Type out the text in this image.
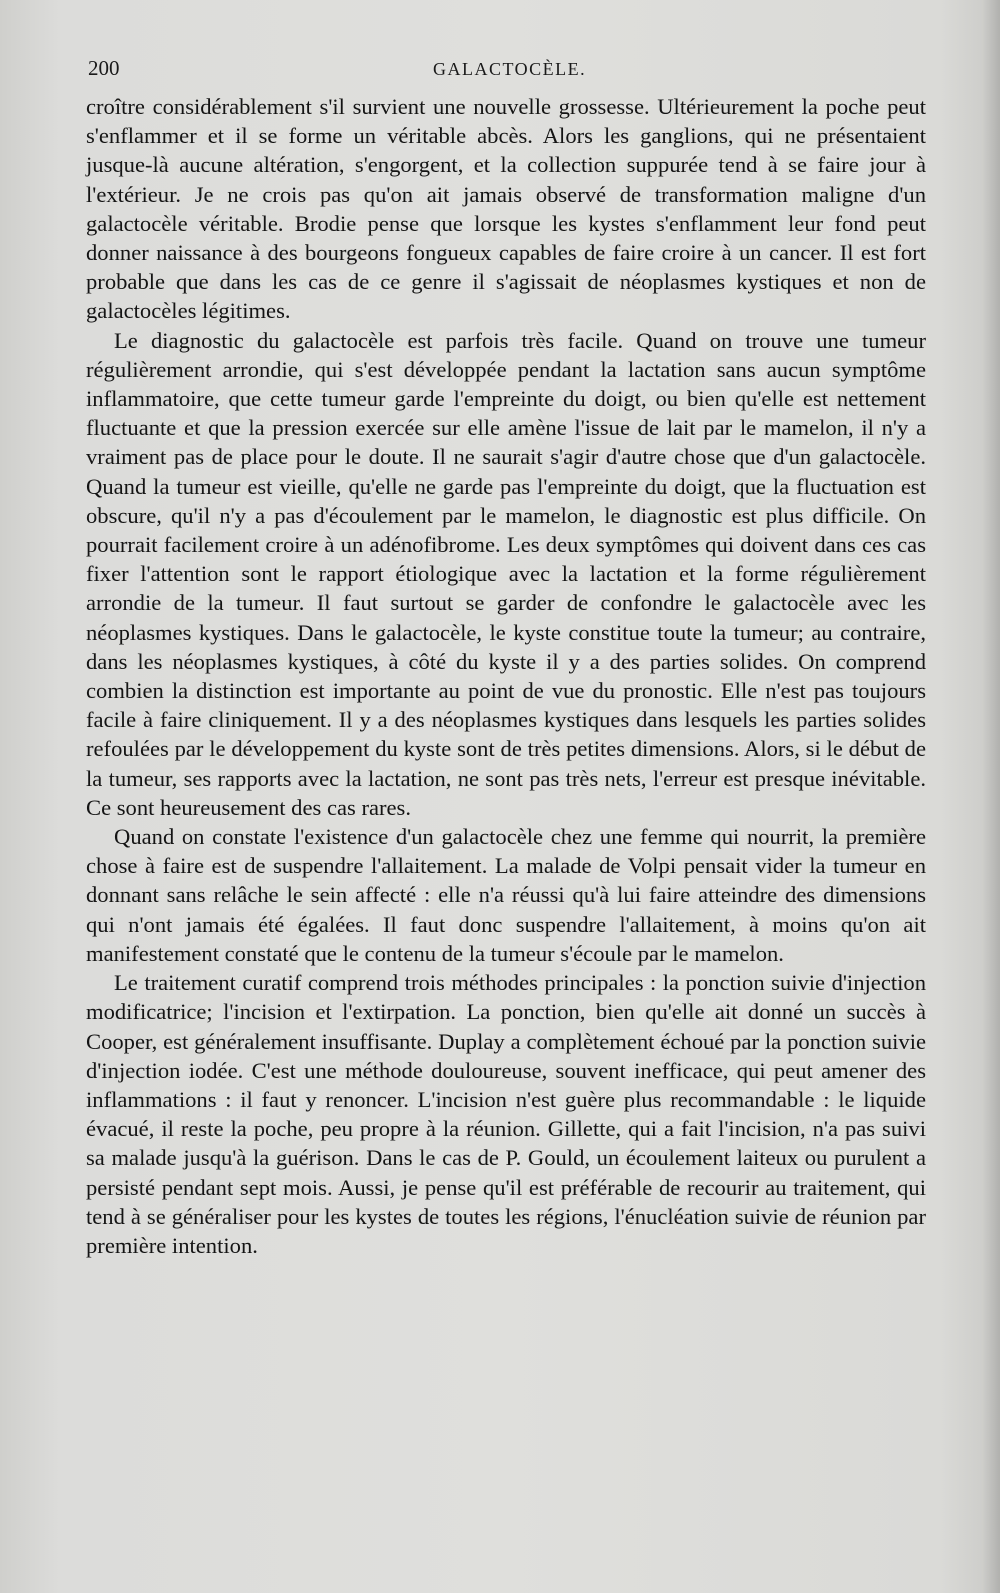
200	GALACTOCÈLE.

croître considérablement s'il survient une nouvelle grossesse. Ultérieurement la poche peut s'enflammer et il se forme un véritable abcès. Alors les ganglions, qui ne présentaient jusque-là aucune altération, s'engorgent, et la collection suppurée tend à se faire jour à l'extérieur. Je ne crois pas qu'on ait jamais observé de transformation maligne d'un galactocèle véritable. Brodie pense que lorsque les kystes s'enflamment leur fond peut donner naissance à des bourgeons fongueux capables de faire croire à un cancer. Il est fort probable que dans les cas de ce genre il s'agissait de néoplasmes kystiques et non de galactocèles légitimes.

Le diagnostic du galactocèle est parfois très facile. Quand on trouve une tumeur régulièrement arrondie, qui s'est développée pendant la lactation sans aucun symptôme inflammatoire, que cette tumeur garde l'empreinte du doigt, ou bien qu'elle est nettement fluctuante et que la pression exercée sur elle amène l'issue de lait par le mamelon, il n'y a vraiment pas de place pour le doute. Il ne saurait s'agir d'autre chose que d'un galactocèle. Quand la tumeur est vieille, qu'elle ne garde pas l'empreinte du doigt, que la fluctuation est obscure, qu'il n'y a pas d'écoulement par le mamelon, le diagnostic est plus difficile. On pourrait facilement croire à un adénofibrome. Les deux symptômes qui doivent dans ces cas fixer l'attention sont le rapport étiologique avec la lactation et la forme régulièrement arrondie de la tumeur. Il faut surtout se garder de confondre le galactocèle avec les néoplasmes kystiques. Dans le galactocèle, le kyste constitue toute la tumeur; au contraire, dans les néoplasmes kystiques, à côté du kyste il y a des parties solides. On comprend combien la distinction est importante au point de vue du pronostic. Elle n'est pas toujours facile à faire cliniquement. Il y a des néoplasmes kystiques dans lesquels les parties solides refoulées par le développement du kyste sont de très petites dimensions. Alors, si le début de la tumeur, ses rapports avec la lactation, ne sont pas très nets, l'erreur est presque inévitable. Ce sont heureusement des cas rares.

Quand on constate l'existence d'un galactocèle chez une femme qui nourrit, la première chose à faire est de suspendre l'allaitement. La malade de Volpi pensait vider la tumeur en donnant sans relâche le sein affecté : elle n'a réussi qu'à lui faire atteindre des dimensions qui n'ont jamais été égalées. Il faut donc suspendre l'allaitement, à moins qu'on ait manifestement constaté que le contenu de la tumeur s'écoule par le mamelon.

Le traitement curatif comprend trois méthodes principales : la ponction suivie d'injection modificatrice; l'incision et l'extirpation. La ponction, bien qu'elle ait donné un succès à Cooper, est généralement insuffisante. Duplay a complètement échoué par la ponction suivie d'injection iodée. C'est une méthode douloureuse, souvent inefficace, qui peut amener des inflammations : il faut y renoncer. L'incision n'est guère plus recommandable : le liquide évacué, il reste la poche, peu propre à la réunion. Gillette, qui a fait l'incision, n'a pas suivi sa malade jusqu'à la guérison. Dans le cas de P. Gould, un écoulement laiteux ou purulent a persisté pendant sept mois. Aussi, je pense qu'il est préférable de recourir au traitement, qui tend à se généraliser pour les kystes de toutes les régions, l'énucléation suivie de réunion par première intention.
